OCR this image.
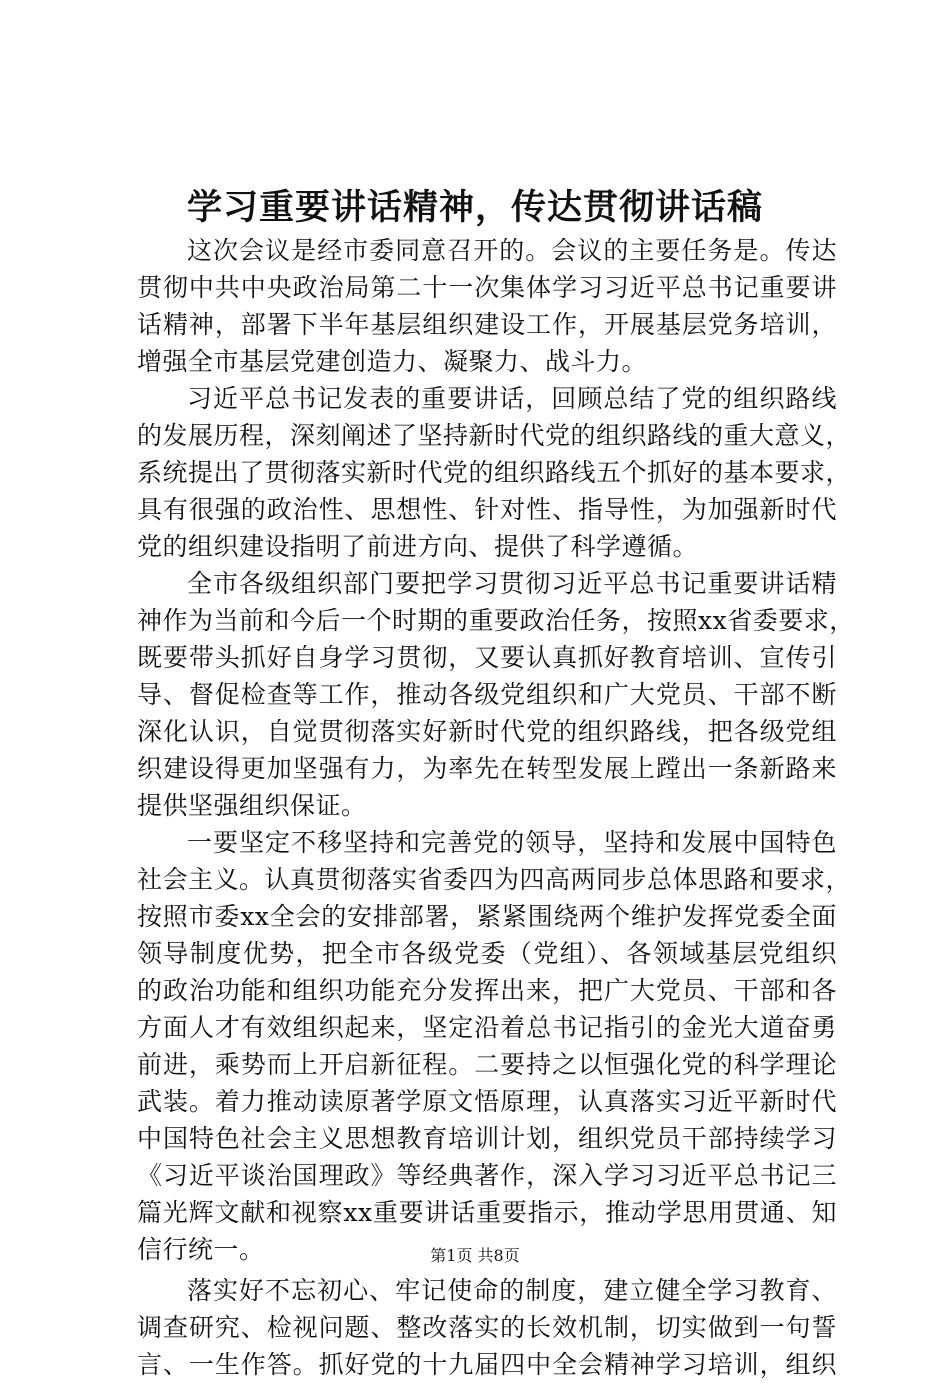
学习重要讲话精神，传达贯彻讲话稿
这次会议是经市委同意召开的。会议的主要任务是。传达
贯彻中共中央政治局第二十一次集体学习习近平总书记重要讲
话精神，部署下半年基层组织建设工作，开展基层党务培训，
增强全市基层党建创造力、凝聚力、战斗力。
习近平总书记发表的重要讲话，回顾总结了党的组织路线
的发展历程，深刻阐述了坚持新时代党的组织路线的重大意义，
系统提出了贯彻落实新时代党的组织路线五个抓好的基本要求，
具有很强的政治性、思想性、针对性、指导性，为加强新时代
党的组织建设指明了前进方向、提供了科学遵循。
全市各级组织部门要把学习贯彻习近平总书记重要讲话精
神作为当前和今后一个时期的重要政治任务，按照xx省委要求，
既要带头抓好自身学习贯彻，又要认真抓好教育培训、宣传引
导、督促检查等工作，推动各级党组织和广大党员、干部不断
深化认识，自觉贯彻落实好新时代党的组织路线，把各级党组
织建设得更加坚强有力，为率先在转型发展上蹚出一条新路来
提供坚强组织保证。
一要坚定不移坚持和完善党的领导，坚持和发展中国特色
社会主义。认真贯彻落实省委四为四高两同步总体思路和要求，
按照市委xx全会的安排部署，紧紧围绕两个维护发挥党委全面
领导制度优势，把全市各级党委（党组）、各领域基层党组织
的政治功能和组织功能充分发挥出来，把广大党员、干部和各
方面人才有效组织起来，坚定沿着总书记指引的金光大道奋勇
前进，乘势而上开启新征程。二要持之以恒强化党的科学理论
武装。着力推动读原著学原文悟原理，认真落实习近平新时代
中国特色社会主义思想教育培训计划，组织党员干部持续学习
《习近平谈治国理政》等经典著作，深入学习习近平总书记三
篇光辉文献和视察xx重要讲话重要指示，推动学思用贯通、知
信行统一。
落实好不忘初心、牢记使命的制度，建立健全学习教育、
调查研究、检视问题、整改落实的长效机制，切实做到一句誓
言、一生作答。抓好党的十九届四中全会精神学习培训，组织
第1页 共8页
